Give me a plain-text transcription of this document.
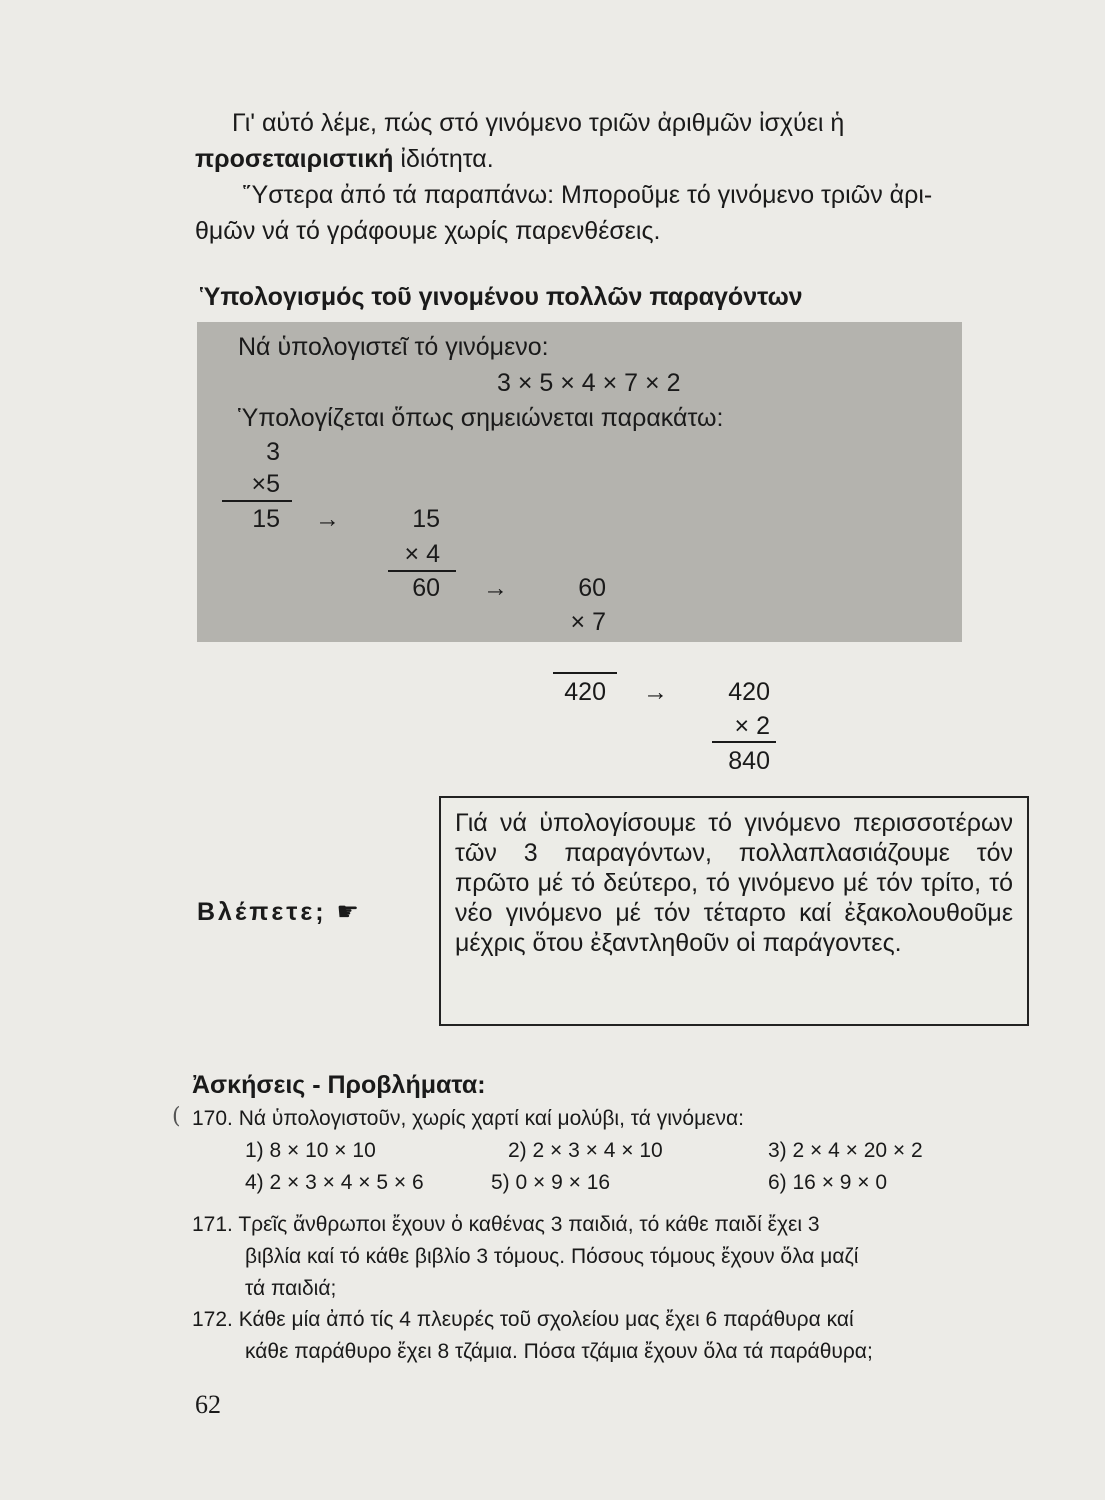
Γι' αὐτό λέμε, πώς στό γινόμενο τριῶν ἀριθμῶν ἰσχύει ἡ
προσεταιριστική ἰδιότητα.
Ὕστερα ἀπό τά παραπάνω: Μποροῦμε τό γινόμενο τριῶν ἀρι-
θμῶν νά τό γράφουμε χωρίς παρενθέσεις.
Ὑπολογισμός τοῦ γινομένου πολλῶν παραγόντων
Νά ὑπολογιστεῖ τό γινόμενο:
3 × 5 × 4 × 7 × 2
Ὑπολογίζεται ὅπως σημειώνεται παρακάτω:
3
×5
15 →	15
× 4
60 →	60
× 7
420 →	420
× 2
840

Γιά νά ὑπολογίσουμε τό γινόμενο περισσοτέρων τῶν 3 παραγόντων, πολλαπλασιάζουμε τόν πρῶτο μέ τό δεύτερο, τό γινόμενο μέ τόν τρίτο, τό νέο γινόμενο μέ τόν τέταρτο καί ἐξακολουθοῦμε μέχρις ὅτου ἐξαντληθοῦν οἱ παράγοντες.

Βλέπετε; ☛
Ἀσκήσεις - Προβλήματα:
( 170. Νά ὑπολογιστοῦν, χωρίς χαρτί καί μολύβι, τά γινόμενα:
1) 8 × 10 × 10	2) 2 × 3 × 4 × 10	3) 2 × 4 × 20 × 2
4) 2 × 3 × 4 × 5 × 6	5) 0 × 9 × 16	6) 16 × 9 × 0
171. Τρεῖς ἄνθρωποι ἔχουν ὁ καθένας 3 παιδιά, τό κάθε παιδί ἔχει 3
βιβλία καί τό κάθε βιβλίο 3 τόμους. Πόσους τόμους ἔχουν ὅλα μαζί
τά παιδιά;
172. Κάθε μία ἀπό τίς 4 πλευρές τοῦ σχολείου μας ἔχει 6 παράθυρα καί
κάθε παράθυρο ἔχει 8 τζάμια. Πόσα τζάμια ἔχουν ὅλα τά παράθυρα;
62
